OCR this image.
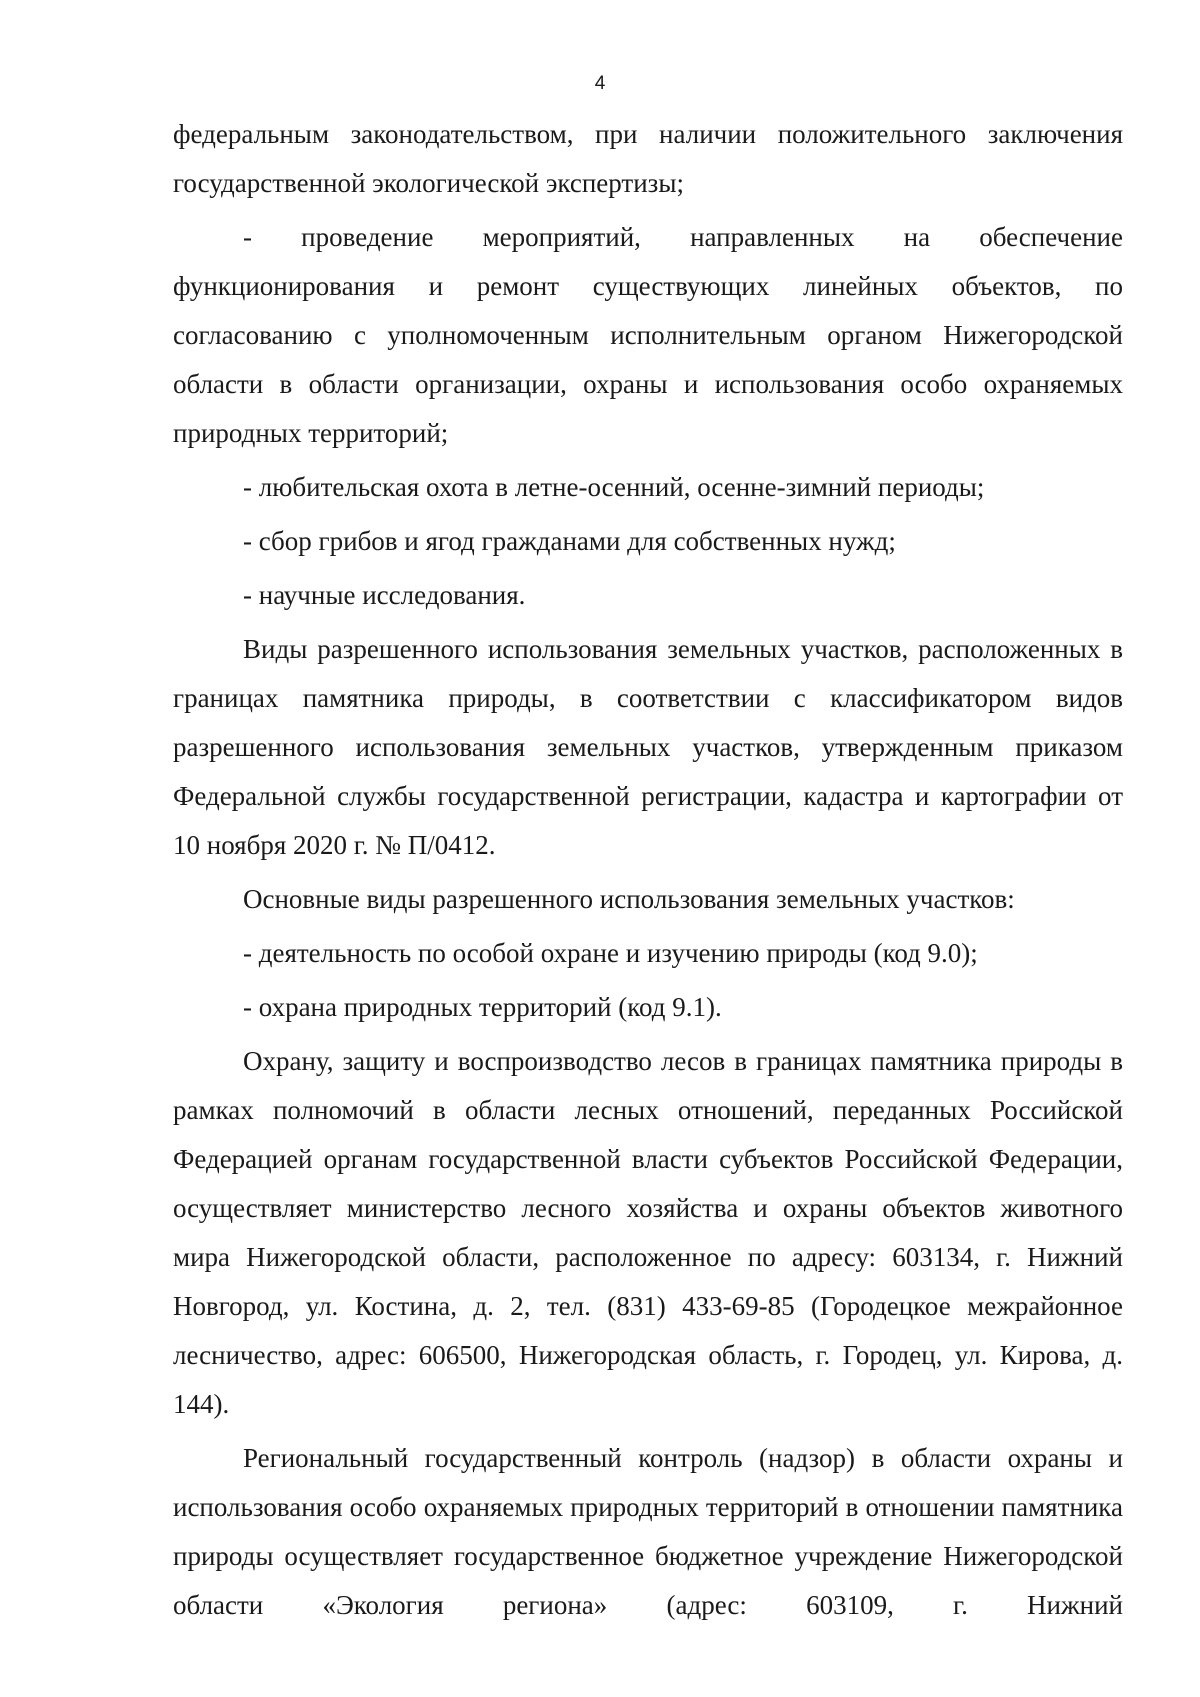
4

федеральным законодательством, при наличии положительного заключения государственной экологической экспертизы;

- проведение мероприятий, направленных на обеспечение функционирования и ремонт существующих линейных объектов, по согласованию с уполномоченным исполнительным органом Нижегородской области в области организации, охраны и использования особо охраняемых природных территорий;

- любительская охота в летне-осенний, осенне-зимний периоды;

- сбор грибов и ягод гражданами для собственных нужд;

- научные исследования.

Виды разрешенного использования земельных участков, расположенных в границах памятника природы, в соответствии с классификатором видов разрешенного использования земельных участков, утвержденным приказом Федеральной службы государственной регистрации, кадастра и картографии от 10 ноября 2020 г. № П/0412.

Основные виды разрешенного использования земельных участков:

- деятельность по особой охране и изучению природы (код 9.0);

- охрана природных территорий (код 9.1).

Охрану, защиту и воспроизводство лесов в границах памятника природы в рамках полномочий в области лесных отношений, переданных Российской Федерацией органам государственной власти субъектов Российской Федерации, осуществляет министерство лесного хозяйства и охраны объектов животного мира Нижегородской области, расположенное по адресу: 603134, г. Нижний Новгород, ул. Костина, д. 2, тел. (831) 433-69-85 (Городецкое межрайонное лесничество, адрес: 606500, Нижегородская область, г. Городец, ул. Кирова, д. 144).

Региональный государственный контроль (надзор) в области охраны и использования особо охраняемых природных территорий в отношении памятника природы осуществляет государственное бюджетное учреждение Нижегородской области «Экология региона» (адрес: 603109, г. Нижний
